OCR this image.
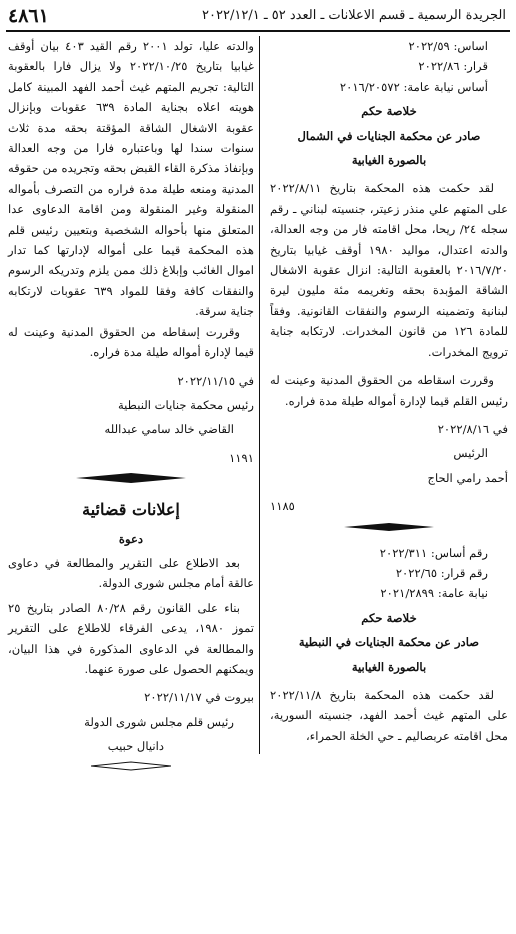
الجريدة الرسمية ـ قسم الاعلانات ـ العدد ٥٢ ـ ٢٠٢٢/١٢/١
٤٨٦١

اساس: ٢٠٢٢/٥٩

قرار: ٢٠٢٢/٨٦

أساس نيابة عامة: ٢٠١٦/٢٠٥٧٢

خلاصة حكم

صادر عن محكمة الجنايات في الشمال

بالصورة الغيابية

لقد حكمت هذه المحكمة بتاريخ ٢٠٢٢/٨/١١ على المتهم علي منذر زعيتر، جنسيته لبناني ـ رقم سجله ٢٤/ ريحا، محل اقامته فار من وجه العدالة، والدته اعتدال، مواليد ١٩٨٠ أوقف غيابيا بتاريخ ٢٠١٦/٧/٢٠ بالعقوبة التالية: انزال عقوبة الاشغال الشاقة المؤبدة بحقه وتغريمه مئة مليون ليرة لبنانية وتضمينه الرسوم والنفقات القانونية. وفقاً للمادة ١٢٦ من قانون المخدرات. لارتكابه جناية ترويج المخدرات.

وقررت اسقاطه من الحقوق المدنية وعينت له رئيس القلم قيما لإدارة أمواله طيلة مدة فراره.

في ٢٠٢٢/٨/١٦

الرئيس

أحمد رامي الحاج

١١٨٥

رقم أساس: ٢٠٢٢/٣١١

رقم قرار: ٢٠٢٢/٦٥

نيابة عامة: ٢٠٢١/٢٨٩٩

خلاصة حكم

صادر عن محكمة الجنايات في النبطية

بالصورة الغيابية

لقد حكمت هذه المحكمة بتاريخ ٢٠٢٢/١١/٨ على المتهم غيث أحمد الفهد، جنسيته السورية، محل اقامته عربصاليم ـ حي الخلة الحمراء،

والدته عليا، تولد ٢٠٠١ رقم القيد ٤٠٣ بيان أوقف غيابيا بتاريخ ٢٠٢٢/١٠/٢٥ ولا يزال فارا بالعقوبة التالية: تجريم المتهم غيث أحمد الفهد المبينة كامل هويته اعلاه بجناية المادة ٦٣٩ عقوبات وبإنزال عقوبة الاشغال الشاقة المؤقتة بحقه مدة ثلاث سنوات سندا لها وباعتباره فارا من وجه العدالة وبإنفاذ مذكرة القاء القبض بحقه وتجريده من حقوقه المدنية ومنعه طيلة مدة فراره من التصرف بأمواله المنقولة وغير المنقولة ومن اقامة الدعاوى عدا المتعلق منها بأحواله الشخصية وبتعيين رئيس قلم هذه المحكمة قيما على أمواله لإدارتها كما تدار اموال الغائب وإبلاغ ذلك ممن يلزم وتدريكه الرسوم والنفقات كافة وفقا للمواد ٦٣٩ عقوبات لارتكابه جناية سرقة.

وقررت إسقاطه من الحقوق المدنية وعينت له قيما لإدارة أمواله طيلة مدة فراره.

في ٢٠٢٢/١١/١٥

رئيس محكمة جنايات النبطية

القاضي خالد سامي عبدالله

١١٩١

إعلانات قضائية

دعوة

بعد الاطلاع على التقرير والمطالعة في دعاوى عالقة أمام مجلس شورى الدولة.

بناء على القانون رقم ٨٠/٢٨ الصادر بتاريخ ٢٥ تموز ١٩٨٠، يدعى الفرقاء للاطلاع على التقرير والمطالعة في الدعاوى المذكورة في هذا البيان، ويمكنهم الحصول على صورة عنهما.

بيروت في ٢٠٢٢/١١/١٧

رئيس قلم مجلس شورى الدولة

دانيال حبيب
